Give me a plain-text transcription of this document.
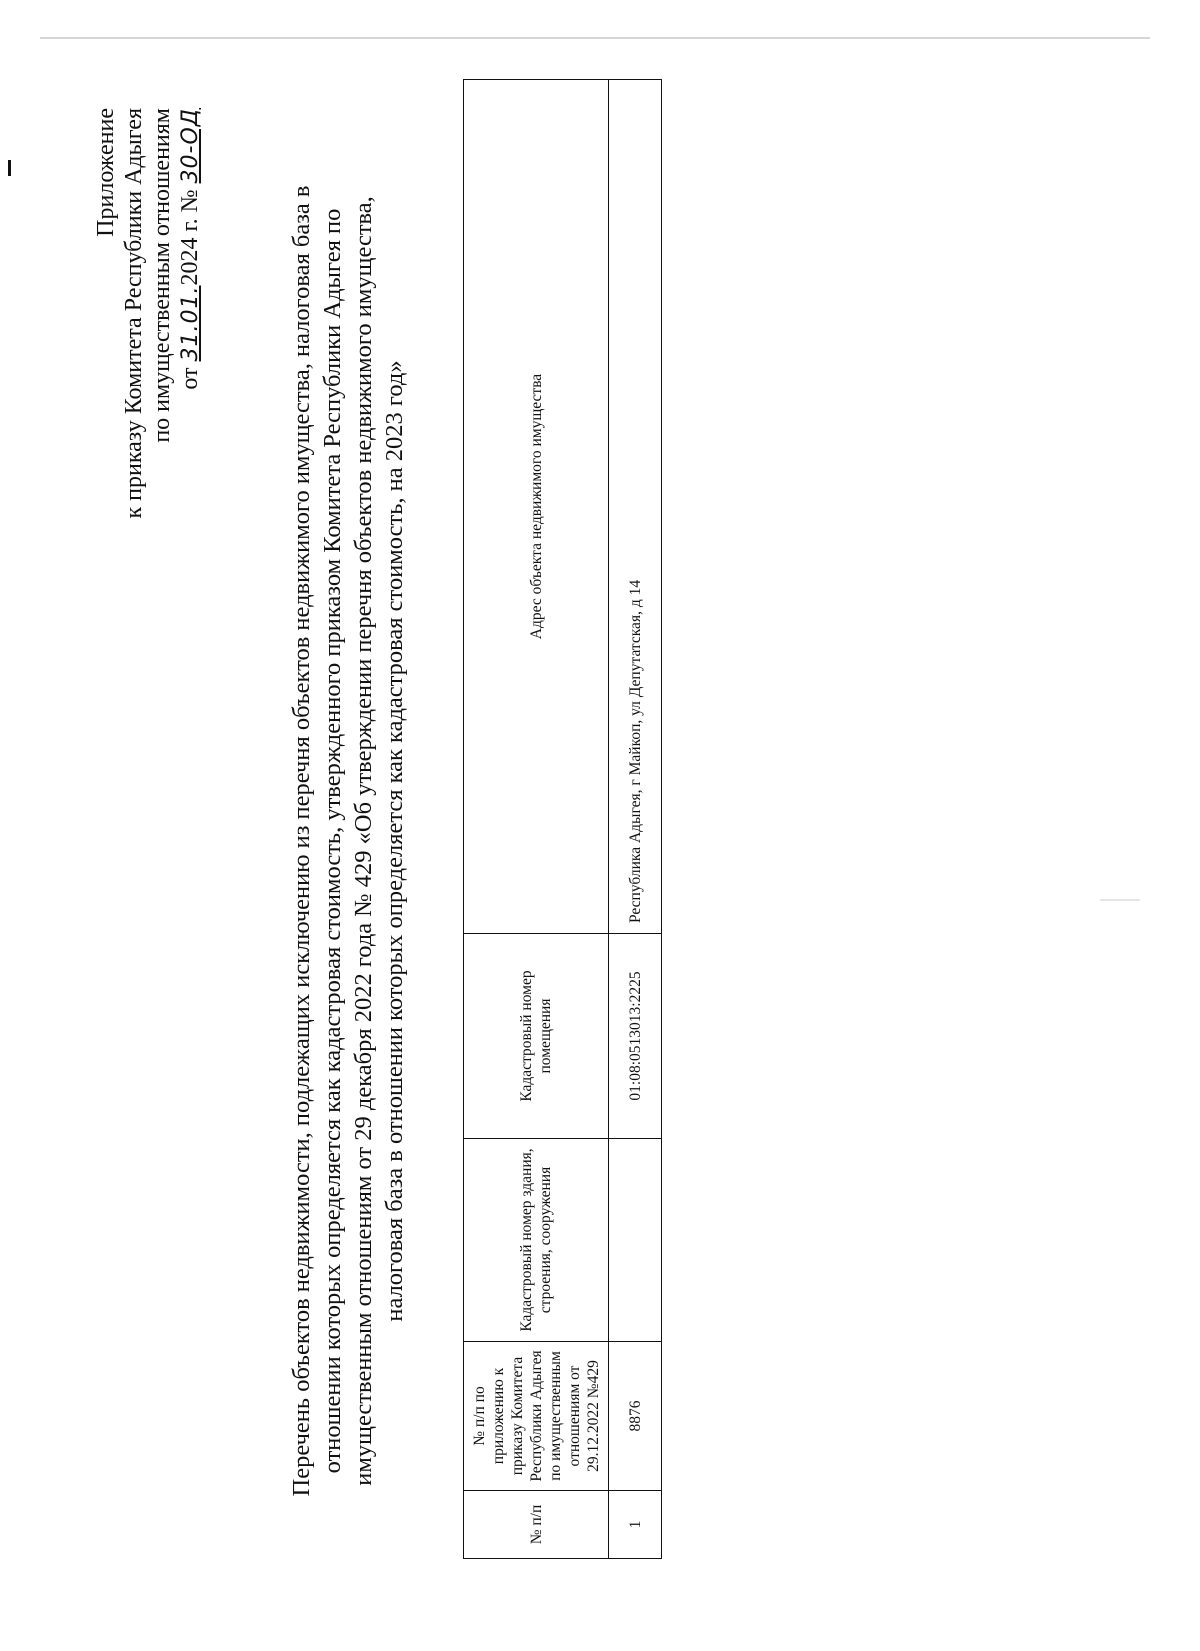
Приложение к приказу Комитета Республики Адыгея по имущественным отношениям от 31.01.2024 г. № 30-ОД
Перечень объектов недвижимости, подлежащих исключению из перечня объектов недвижимого имущества, налоговая база в отношении которых определяется как кадастровая стоимость, утвержденного приказом Комитета Республики Адыгея по имущественным отношениям от 29 декабря 2022 года № 429 «Об утверждении перечня объектов недвижимого имущества, налоговая база в отношении которых определяется как кадастровая стоимость, на 2023 год»
№ п/п	№ п/п по приложению к приказу Комитета Республики Адыгея по имущественным отношениям от 29.12.2022 №429	Кадастровый номер здания, строения, сооружения	Кадастровый номер помещения	Адрес объекта недвижимого имущества
1	8876		01:08:0513013:2225	Республика Адыгея, г Майкоп, ул Депутатская, д 14
